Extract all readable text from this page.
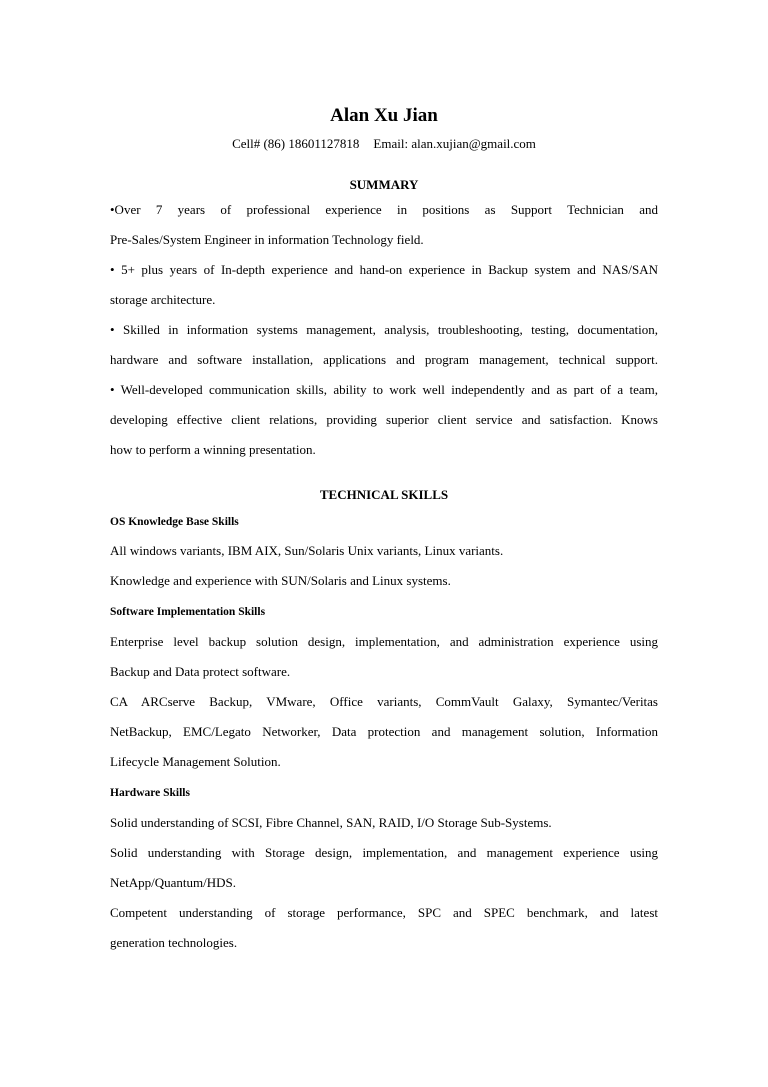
Alan Xu Jian
Cell# (86) 18601127818 Email: alan.xujian@gmail.com
SUMMARY
•Over 7 years of professional experience in positions as Support Technician and
Pre-Sales/System Engineer in information Technology field.
• 5+ plus years of In-depth experience and hand-on experience in Backup system and NAS/SAN
storage architecture.
• Skilled in information systems management, analysis, troubleshooting, testing, documentation,
hardware and software installation, applications and program management, technical support.
• Well-developed communication skills, ability to work well independently and as part of a team,
developing effective client relations, providing superior client service and satisfaction. Knows
how to perform a winning presentation.
TECHNICAL SKILLS
OS Knowledge Base Skills
All windows variants, IBM AIX, Sun/Solaris Unix variants, Linux variants.
Knowledge and experience with SUN/Solaris and Linux systems.
Software Implementation Skills
Enterprise level backup solution design, implementation, and administration experience using
Backup and Data protect software.
CA ARCserve Backup, VMware, Office variants, CommVault Galaxy, Symantec/Veritas
NetBackup, EMC/Legato Networker, Data protection and management solution, Information
Lifecycle Management Solution.
Hardware Skills
Solid understanding of SCSI, Fibre Channel, SAN, RAID, I/O Storage Sub-Systems.
Solid understanding with Storage design, implementation, and management experience using
NetApp/Quantum/HDS.
Competent understanding of storage performance, SPC and SPEC benchmark, and latest
generation technologies.
